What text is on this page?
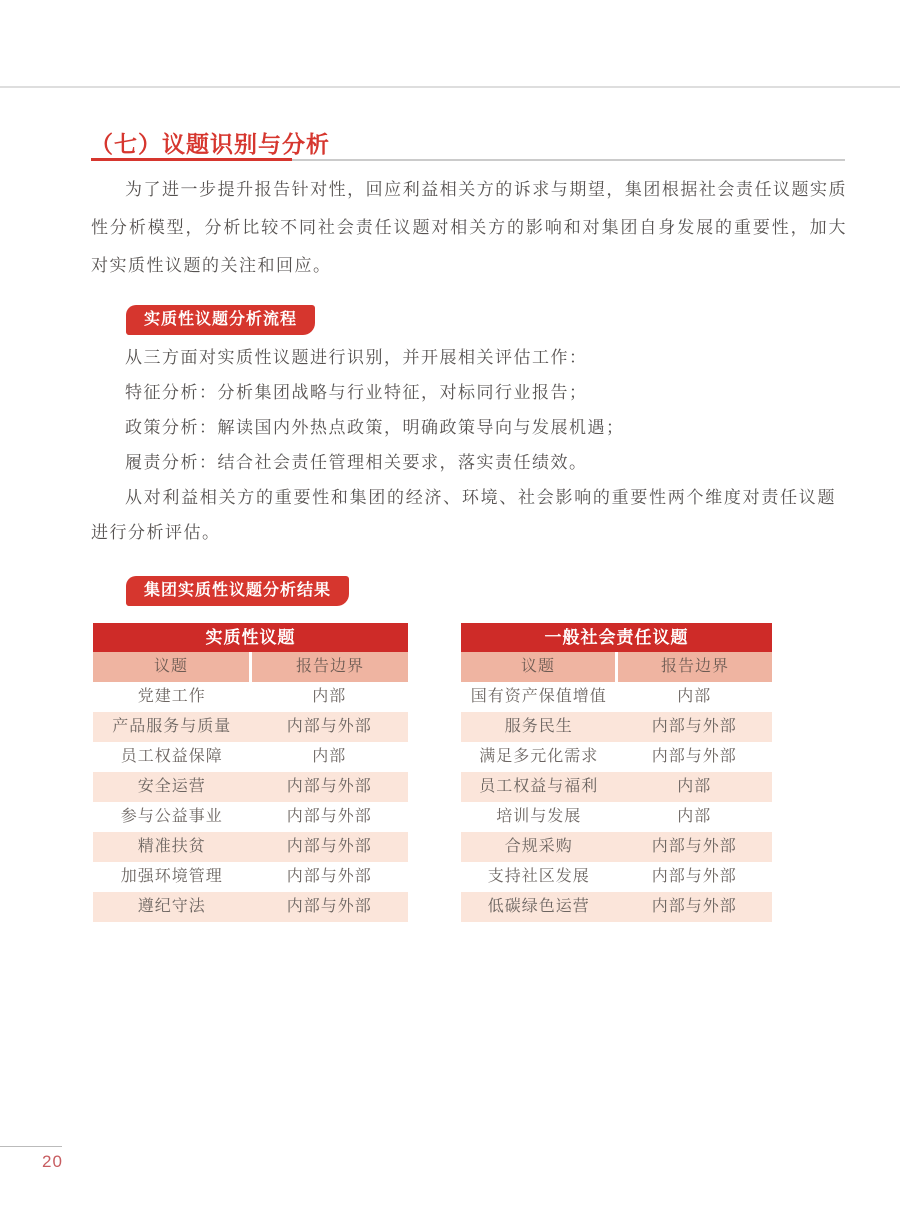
（七）议题识别与分析

为了进一步提升报告针对性，回应利益相关方的诉求与期望，集团根据社会责任议题实质性分析模型，分析比较不同社会责任议题对相关方的影响和对集团自身发展的重要性，加大对实质性议题的关注和回应。

实质性议题分析流程

从三方面对实质性议题进行识别，并开展相关评估工作：

特征分析：分析集团战略与行业特征，对标同行业报告；

政策分析：解读国内外热点政策，明确政策导向与发展机遇；

履责分析：结合社会责任管理相关要求，落实责任绩效。

从对利益相关方的重要性和集团的经济、环境、社会影响的重要性两个维度对责任议题进行分析评估。

集团实质性议题分析结果
实质性议题
议题	报告边界
党建工作	内部
产品服务与质量	内部与外部
员工权益保障	内部
安全运营	内部与外部
参与公益事业	内部与外部
精准扶贫	内部与外部
加强环境管理	内部与外部
遵纪守法	内部与外部
一般社会责任议题
议题	报告边界
国有资产保值增值	内部
服务民生	内部与外部
满足多元化需求	内部与外部
员工权益与福利	内部
培训与发展	内部
合规采购	内部与外部
支持社区发展	内部与外部
低碳绿色运营	内部与外部
20
